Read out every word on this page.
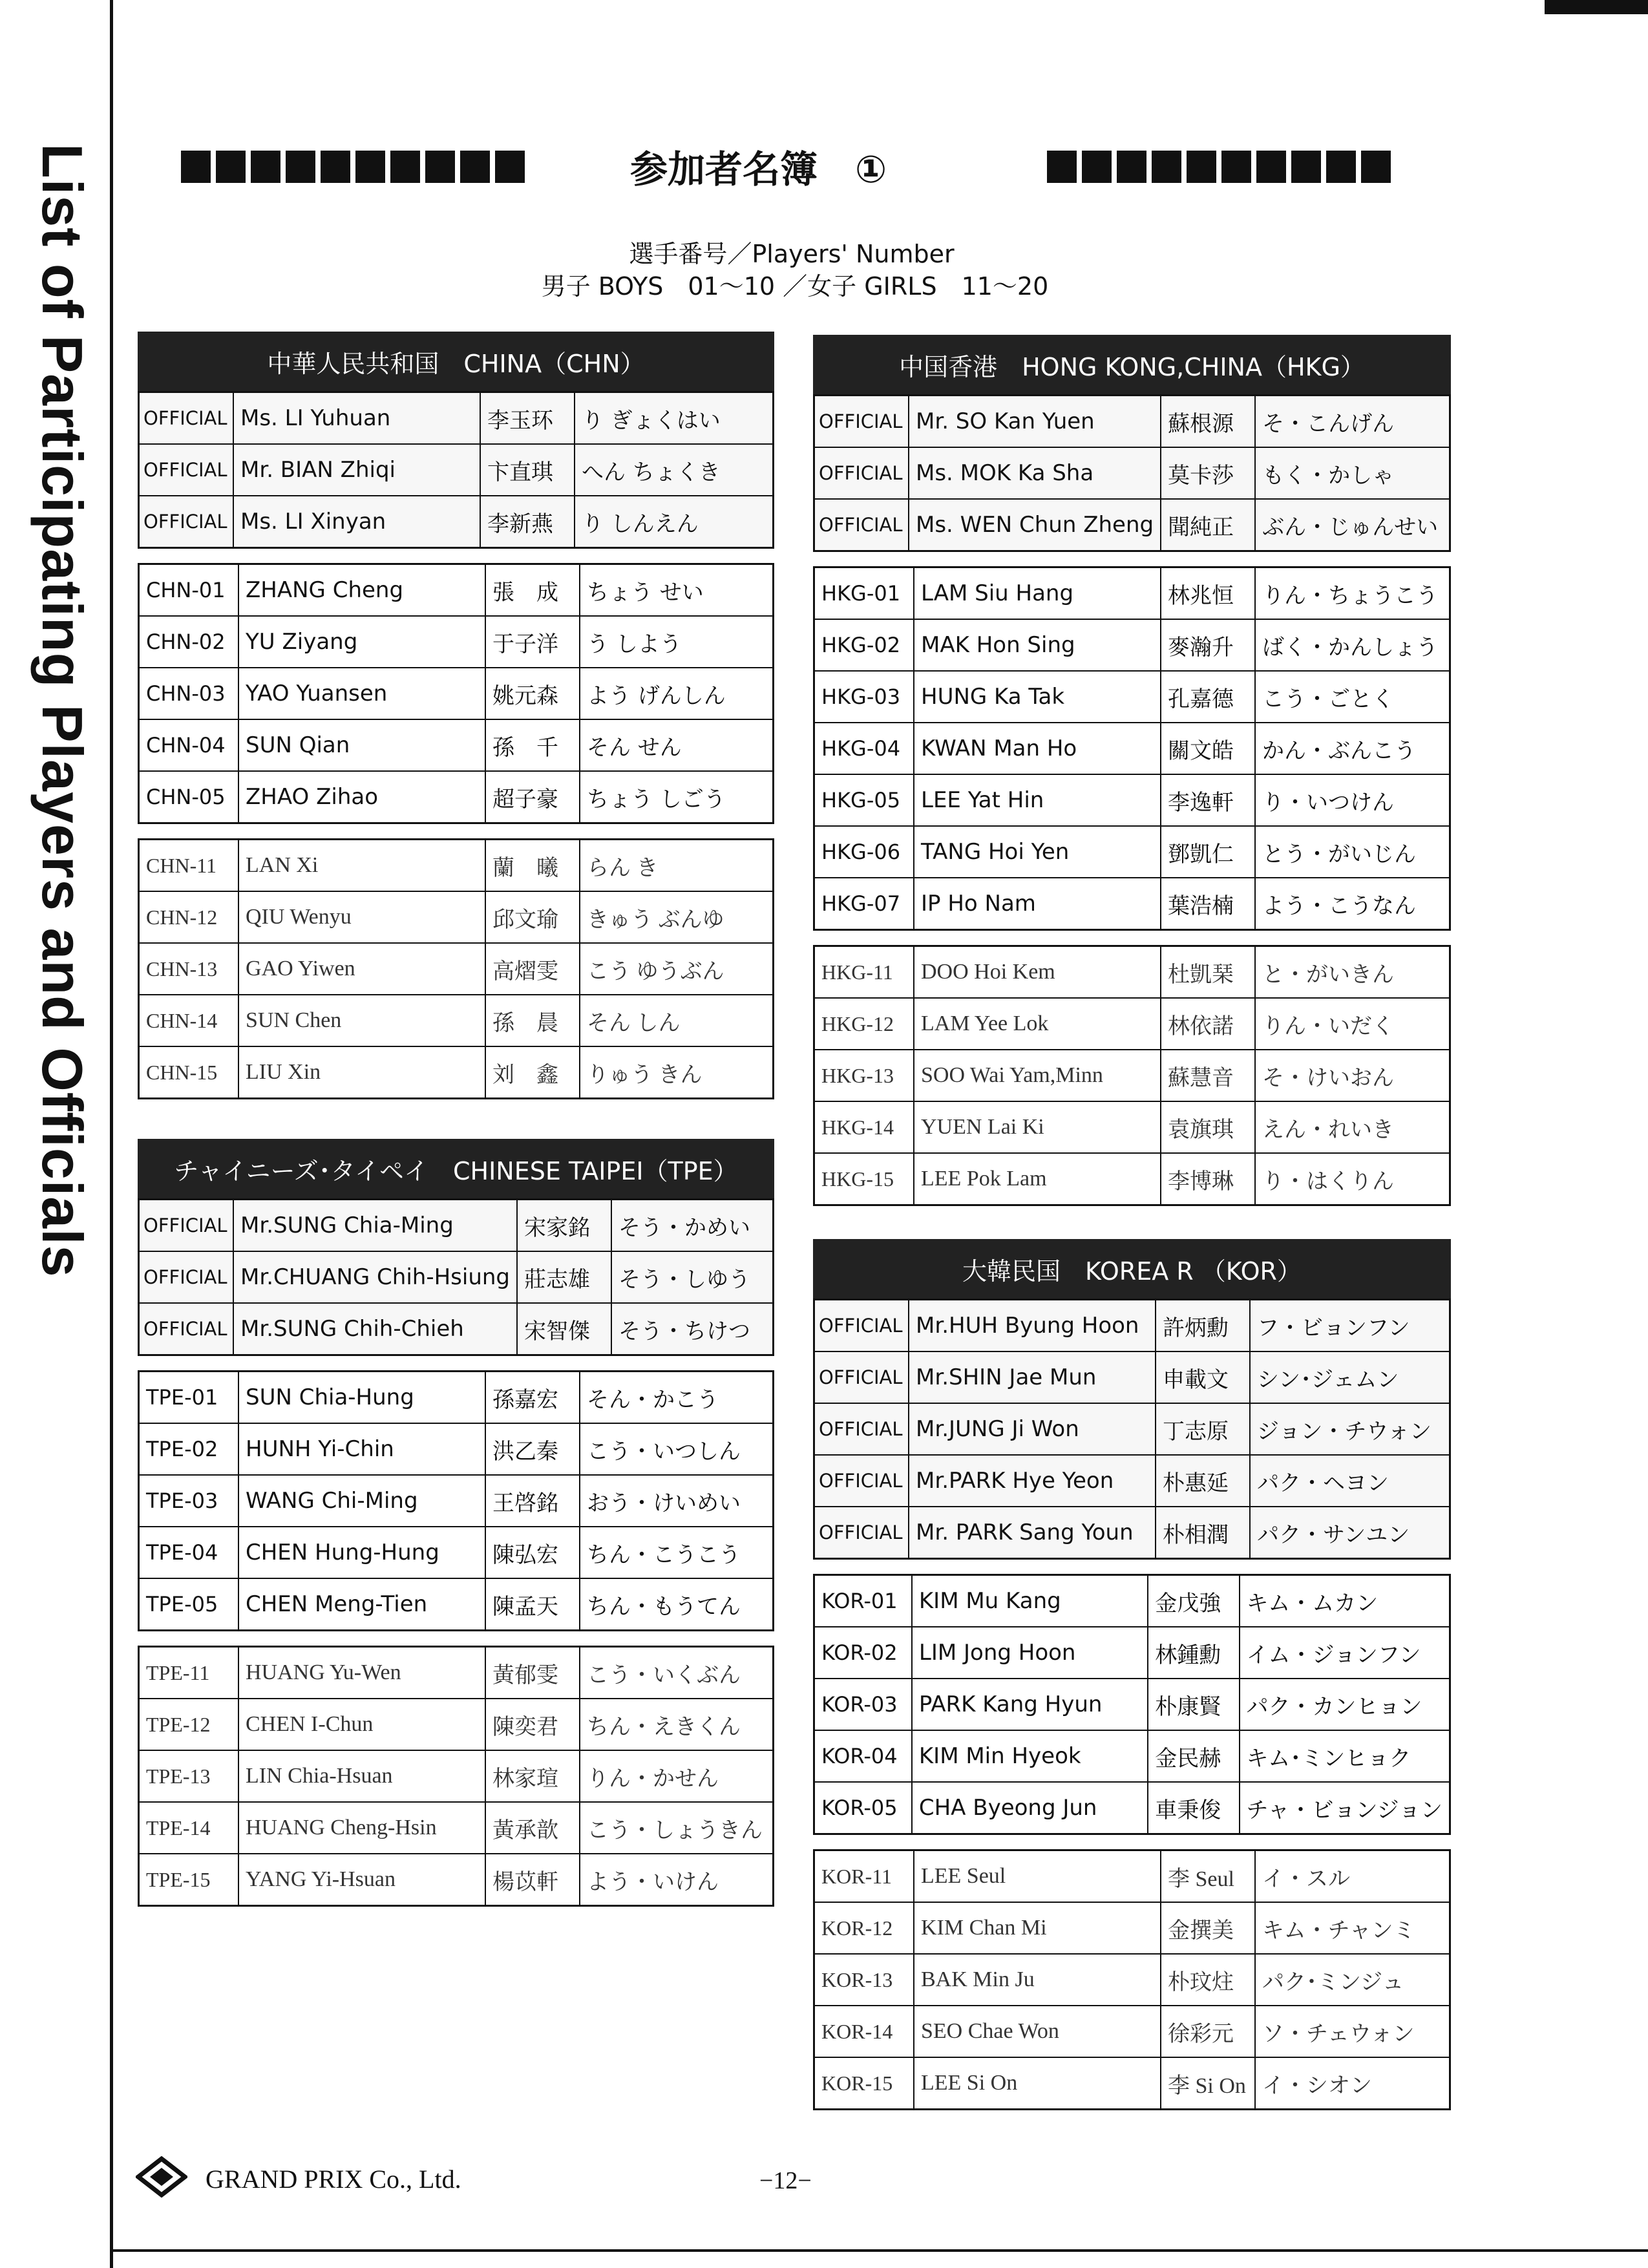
List of Participating Players and Officials	参加者名簿　①
選手番号／Players' Number
男子 BOYS　01～10 ／女子 GIRLS　11～20
中華人民共和国　CHINA（CHN）
OFFICIAL	Ms. LI Yuhuan	李玉环	り ぎょくはい
OFFICIAL	Mr. BIAN Zhiqi	卞直琪	へん ちょくき
OFFICIAL	Ms. LI Xinyan	李新燕	り しんえん
CHN-01	ZHANG Cheng	張　成	ちょう せい
CHN-02	YU Ziyang	于子洋	う しよう
CHN-03	YAO Yuansen	姚元森	よう げんしん
CHN-04	SUN Qian	孫　千	そん せん
CHN-05	ZHAO Zihao	超子豪	ちょう しごう
CHN-11	LAN Xi	蘭　曦	らん き
CHN-12	QIU Wenyu	邱文瑜	きゅう ぶんゆ
CHN-13	GAO Yiwen	高熠雯	こう ゆうぶん
CHN-14	SUN Chen	孫　晨	そん しん
CHN-15	LIU Xin	刘　鑫	りゅう きん
チャイニーズ･タイペイ　CHINESE TAIPEI（TPE）
OFFICIAL	Mr.SUNG Chia-Ming	宋家銘	そう・かめい
OFFICIAL	Mr.CHUANG Chih-Hsiung	莊志雄	そう・しゆう
OFFICIAL	Mr.SUNG Chih-Chieh	宋智傑	そう・ちけつ
TPE-01	SUN Chia-Hung	孫嘉宏	そん・かこう
TPE-02	HUNH Yi-Chin	洪乙秦	こう・いつしん
TPE-03	WANG Chi-Ming	王啓銘	おう・けいめい
TPE-04	CHEN Hung-Hung	陳弘宏	ちん・こうこう
TPE-05	CHEN Meng-Tien	陳孟天	ちん・もうてん
TPE-11	HUANG Yu-Wen	黃郁雯	こう・いくぶん
TPE-12	CHEN I-Chun	陳奕君	ちん・えきくん
TPE-13	LIN Chia-Hsuan	林家瑄	りん・かせん
TPE-14	HUANG Cheng-Hsin	黃承歆	こう・しょうきん
TPE-15	YANG Yi-Hsuan	楊苡軒	よう・いけん
中国香港　HONG KONG,CHINA（HKG）
OFFICIAL	Mr. SO Kan Yuen	蘇根源	そ・こんげん
OFFICIAL	Ms. MOK Ka Sha	莫卡莎	もく・かしゃ
OFFICIAL	Ms. WEN Chun Zheng	聞純正	ぶん・じゅんせい
HKG-01	LAM Siu Hang	林兆恒	りん・ちょうこう
HKG-02	MAK Hon Sing	麥瀚升	ばく・かんしょう
HKG-03	HUNG Ka Tak	孔嘉德	こう・ごとく
HKG-04	KWAN Man Ho	關文皓	かん・ぶんこう
HKG-05	LEE Yat Hin	李逸軒	り・いつけん
HKG-06	TANG Hoi Yen	鄧凱仁	とう・がいじん
HKG-07	IP Ho Nam	葉浩楠	よう・こうなん
HKG-11	DOO Hoi Kem	杜凱琹	と・がいきん
HKG-12	LAM Yee Lok	林依諾	りん・いだく
HKG-13	SOO Wai Yam,Minn	蘇慧音	そ・けいおん
HKG-14	YUEN Lai Ki	袁旗琪	えん・れいき
HKG-15	LEE Pok Lam	李博琳	り・はくりん
大韓民国　KOREA R （KOR）
OFFICIAL	Mr.HUH Byung Hoon	許炳勳	フ・ビョンフン
OFFICIAL	Mr.SHIN Jae Mun	申載文	シン･ジェムン
OFFICIAL	Mr.JUNG Ji Won	丁志原	ジョン・チウォン
OFFICIAL	Mr.PARK Hye Yeon	朴惠延	パク・ヘヨン
OFFICIAL	Mr. PARK Sang Youn	朴相潤	パク・サンユン
KOR-01	KIM Mu Kang	金戊強	キム・ムカン
KOR-02	LIM Jong Hoon	林鍾勳	イム・ジョンフン
KOR-03	PARK Kang Hyun	朴康賢	パク・カンヒョン
KOR-04	KIM Min Hyeok	金民赫	キム･ミンヒョク
KOR-05	CHA Byeong Jun	車秉俊	チャ・ビョンジョン
KOR-11	LEE Seul	李 Seul	イ・スル
KOR-12	KIM Chan Mi	金撰美	キム・チャンミ
KOR-13	BAK Min Ju	朴玟炷	パク･ミンジュ
KOR-14	SEO Chae Won	徐彩元	ソ・チェウォン
KOR-15	LEE Si On	李 Si On	イ・シオン
GRAND PRIX Co., Ltd.	−12−
